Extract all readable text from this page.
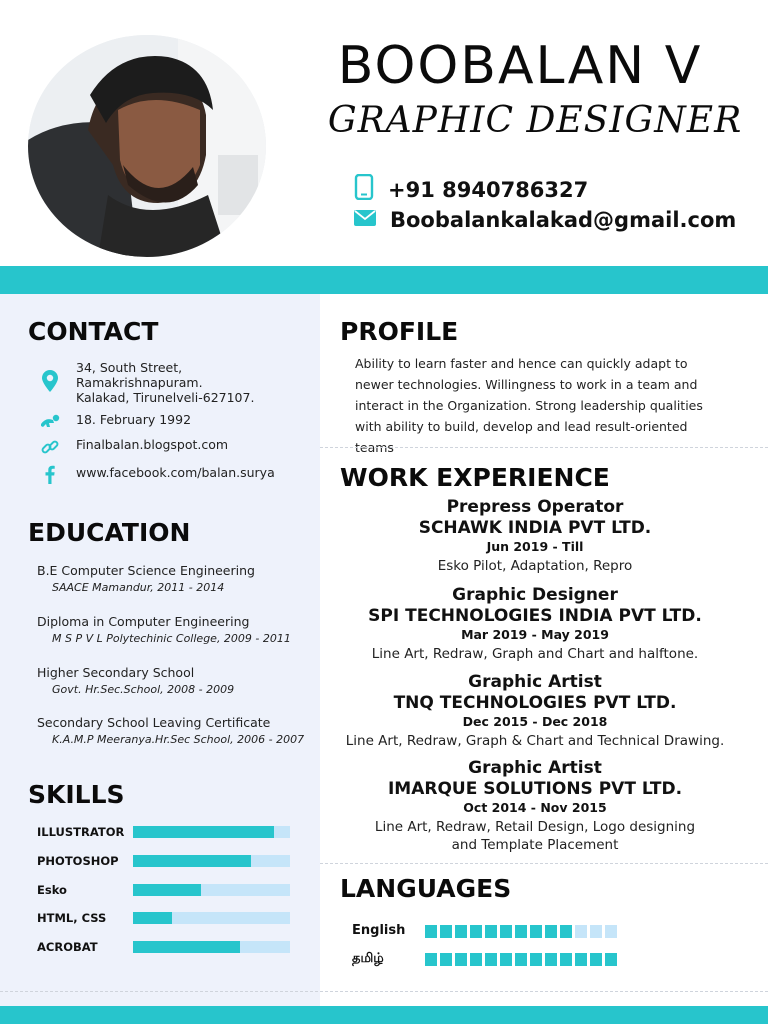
BOOBALAN V
GRAPHIC DESIGNER
+91 8940786327
Boobalankalakad@gmail.com
CONTACT
34, South Street,
Ramakrishnapuram.
Kalakad, Tirunelveli-627107.
18. February 1992
Finalbalan.blogspot.com
www.facebook.com/balan.surya
EDUCATION
B.E Computer Science Engineering
SAACE Mamandur, 2011 - 2014
Diploma in Computer Engineering
M S P V L Polytechinic College, 2009 - 2011
Higher Secondary School
Govt. Hr.Sec.School, 2008 - 2009
Secondary School Leaving Certificate
K.A.M.P Meeranya.Hr.Sec School, 2006 - 2007
SKILLS
ILLUSTRATOR
PHOTOSHOP
Esko
HTML, CSS
ACROBAT
PROFILE
Ability to learn faster and hence can quickly adapt to newer technologies. Willingness to work in a team and interact in the Organization. Strong leadership qualities with ability to build, develop and lead result-oriented teams
WORK EXPERIENCE
Prepress Operator
SCHAWK INDIA PVT LTD.
Jun 2019 - Till
Esko Pilot, Adaptation, Repro
Graphic Designer
SPI TECHNOLOGIES INDIA PVT LTD.
Mar 2019 - May 2019
Line Art, Redraw, Graph and Chart and halftone.
Graphic Artist
TNQ TECHNOLOGIES PVT LTD.
Dec 2015 - Dec 2018
Line Art, Redraw, Graph & Chart and Technical Drawing.
Graphic Artist
IMARQUE SOLUTIONS PVT LTD.
Oct 2014 - Nov 2015
Line Art, Redraw, Retail Design, Logo designing and Template Placement
LANGUAGES
English
தமிழ்
